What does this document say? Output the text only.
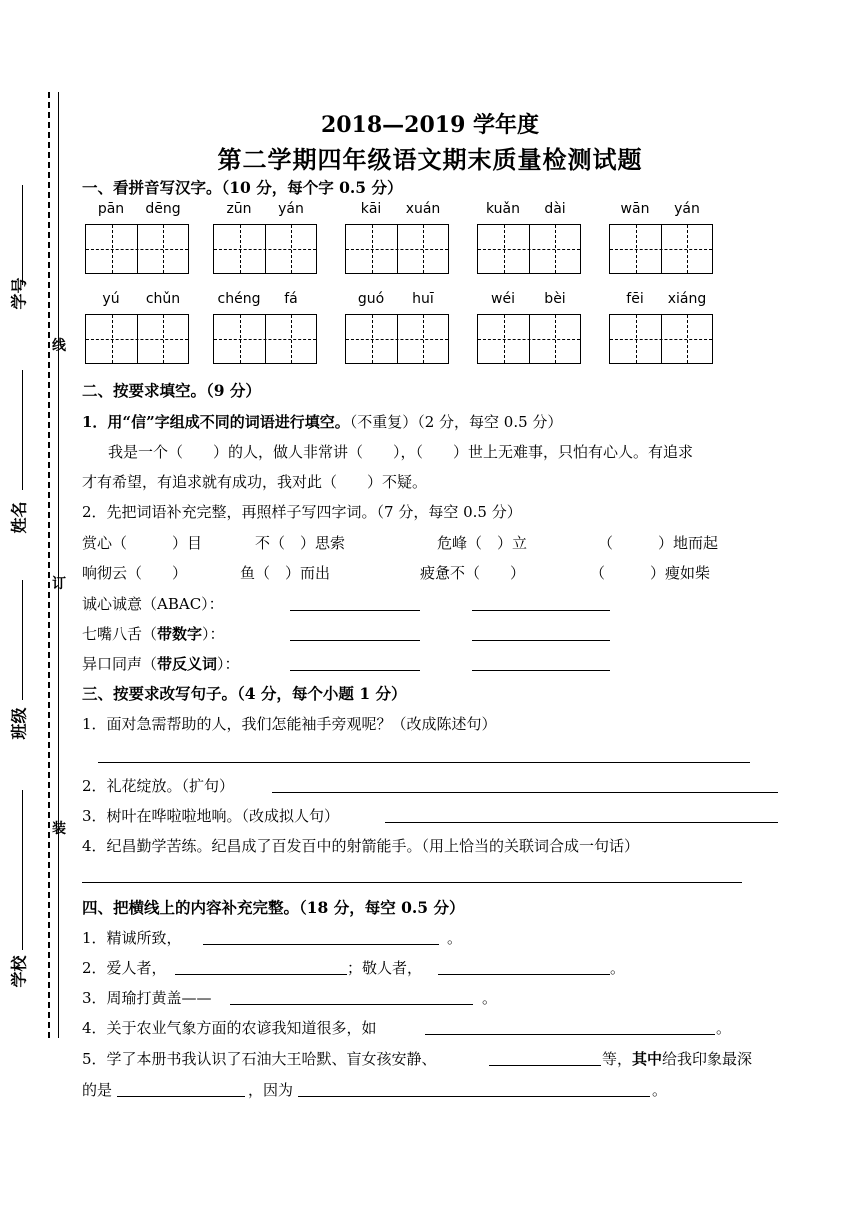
学号
姓名
班级
学校
线
订
装
2018—2019 学年度
第二学期四年级语文期末质量检测试题
一、看拼音写汉字。（10 分，每个字 0.5 分）
pān dēng	zūn yán	kāi xuán	kuǎn dài	wān yán
yú chǔn	chéng fá	guó huī	wéi bèi	fēi xiáng
二、按要求填空。（9 分）
1．用“信”字组成不同的词语进行填空。（不重复）（2 分，每空 0.5 分）
我是一个（　　）的人，做人非常讲（　　），（　　）世上无难事，只怕有心人。有追求
才有希望，有追求就有成功，我对此（　　）不疑。
2．先把词语补充完整，再照样子写四字词。（7 分，每空 0.5 分）
赏心（　　　）目	不（　）思索	危峰（　）立	（　　　）地而起
响彻云（　　）	鱼（　）而出	疲惫不（　　）	（　　　）瘦如柴
诚心诚意（ABAC）：
七嘴八舌（带数字）：
异口同声（带反义词）：
三、按要求改写句子。（4 分，每个小题 1 分）
1．面对急需帮助的人，我们怎能袖手旁观呢？（改成陈述句）
2．礼花绽放。（扩句）
3．树叶在哗啦啦地响。（改成拟人句）
4．纪昌勤学苦练。纪昌成了百发百中的射箭能手。（用上恰当的关联词合成一句话）
四、把横线上的内容补充完整。（18 分，每空 0.5 分）
1．精诚所致，	。
2．爱人者，	；敬人者，	。
3．周瑜打黄盖——	。
4．关于农业气象方面的农谚我知道很多，如	。
5．学了本册书我认识了石油大王哈默、盲女孩安静、	等，其中给我印象最深
的是	，因为	。
